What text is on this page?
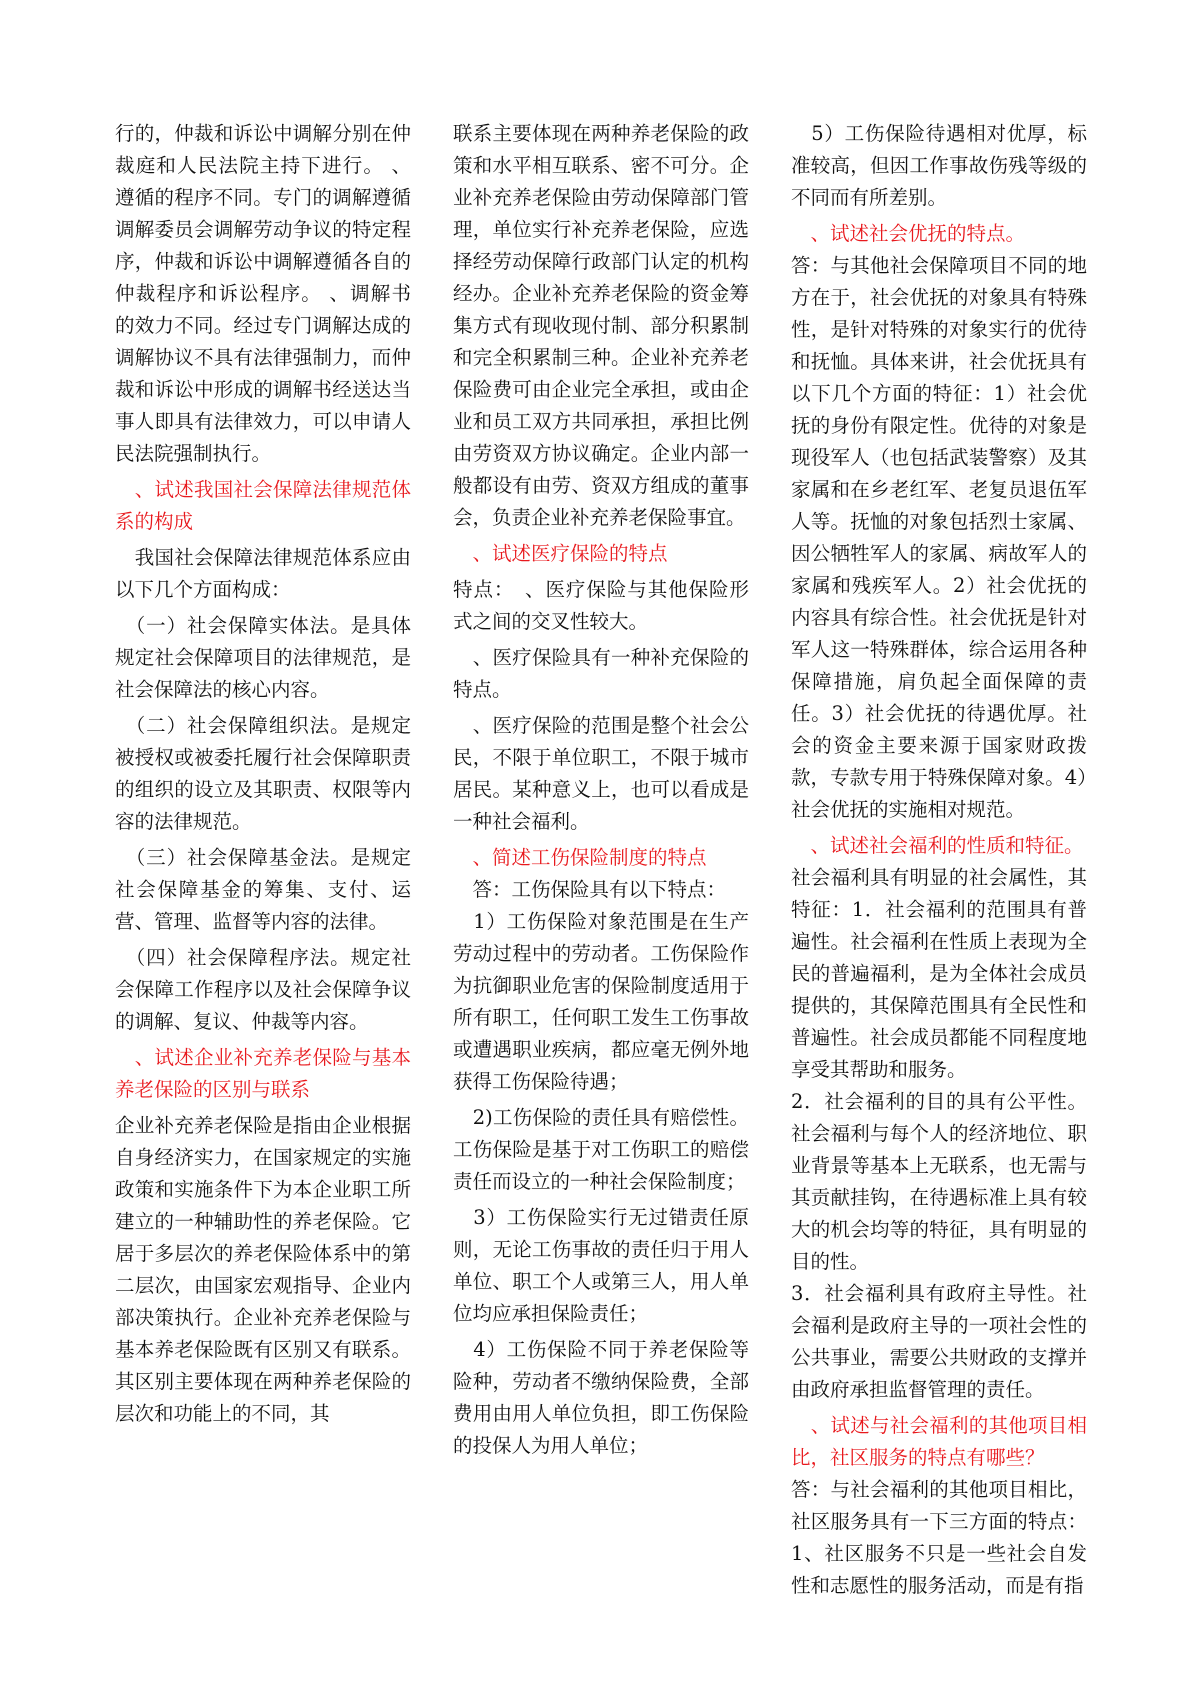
行的，仲裁和诉讼中调解分别在仲裁庭和人民法院主持下进行。 、遵循的程序不同。专门的调解遵循调解委员会调解劳动争议的特定程序，仲裁和诉讼中调解遵循各自的仲裁程序和诉讼程序。 、调解书的效力不同。经过专门调解达成的调解协议不具有法律强制力，而仲裁和诉讼中形成的调解书经送达当事人即具有法律效力，可以申请人民法院强制执行。

　、试述我国社会保障法律规范体系的构成

　我国社会保障法律规范体系应由以下几个方面构成：

　（一）社会保障实体法。是具体规定社会保障项目的法律规范，是社会保障法的核心内容。

　（二）社会保障组织法。是规定被授权或被委托履行社会保障职责的组织的设立及其职责、权限等内容的法律规范。

　（三）社会保障基金法。是规定社会保障基金的筹集、支付、运营、管理、监督等内容的法律。

　（四）社会保障程序法。规定社会保障工作程序以及社会保障争议的调解、复议、仲裁等内容。

　、试述企业补充养老保险与基本养老保险的区别与联系

企业补充养老保险是指由企业根据自身经济实力，在国家规定的实施政策和实施条件下为本企业职工所建立的一种辅助性的养老保险。它居于多层次的养老保险体系中的第二层次，由国家宏观指导、企业内部决策执行。企业补充养老保险与基本养老保险既有区别又有联系。其区别主要体现在两种养老保险的层次和功能上的不同，其

联系主要体现在两种养老保险的政策和水平相互联系、密不可分。企业补充养老保险由劳动保障部门管理，单位实行补充养老保险，应选择经劳动保障行政部门认定的机构经办。企业补充养老保险的资金筹集方式有现收现付制、部分积累制和完全积累制三种。企业补充养老保险费可由企业完全承担，或由企业和员工双方共同承担，承担比例由劳资双方协议确定。企业内部一般都设有由劳、资双方组成的董事会，负责企业补充养老保险事宜。

　、试述医疗保险的特点

特点：　、医疗保险与其他保险形式之间的交叉性较大。

　、医疗保险具有一种补充保险的特点。

　、医疗保险的范围是整个社会公民，不限于单位职工，不限于城市居民。某种意义上，也可以看成是一种社会福利。

　、简述工伤保险制度的特点

　答：工伤保险具有以下特点：

　1）工伤保险对象范围是在生产劳动过程中的劳动者。工伤保险作为抗御职业危害的保险制度适用于所有职工，任何职工发生工伤事故或遭遇职业疾病，都应毫无例外地获得工伤保险待遇；

　2)工伤保险的责任具有赔偿性。工伤保险是基于对工伤职工的赔偿责任而设立的一种社会保险制度；

　3）工伤保险实行无过错责任原则，无论工伤事故的责任归于用人单位、职工个人或第三人，用人单位均应承担保险责任；

　4）工伤保险不同于养老保险等险种，劳动者不缴纳保险费，全部费用由用人单位负担，即工伤保险的投保人为用人单位；

　5）工伤保险待遇相对优厚，标准较高，但因工作事故伤残等级的不同而有所差别。

　、试述社会优抚的特点。

答：与其他社会保障项目不同的地方在于，社会优抚的对象具有特殊性，是针对特殊的对象实行的优待和抚恤。具体来讲，社会优抚具有以下几个方面的特征：1）社会优抚的身份有限定性。优待的对象是现役军人（也包括武装警察）及其家属和在乡老红军、老复员退伍军人等。抚恤的对象包括烈士家属、因公牺牲军人的家属、病故军人的家属和残疾军人。2）社会优抚的内容具有综合性。社会优抚是针对军人这一特殊群体，综合运用各种保障措施，肩负起全面保障的责任。3）社会优抚的待遇优厚。社会的资金主要来源于国家财政拨款，专款专用于特殊保障对象。4）社会优抚的实施相对规范。

　、试述社会福利的性质和特征。

社会福利具有明显的社会属性，其特征：1．社会福利的范围具有普遍性。社会福利在性质上表现为全民的普遍福利，是为全体社会成员提供的，其保障范围具有全民性和普遍性。社会成员都能不同程度地享受其帮助和服务。

2．社会福利的目的具有公平性。社会福利与每个人的经济地位、职业背景等基本上无联系，也无需与其贡献挂钩，在待遇标准上具有较大的机会均等的特征，具有明显的目的性。

3．社会福利具有政府主导性。社会福利是政府主导的一项社会性的公共事业，需要公共财政的支撑并由政府承担监督管理的责任。

　、试述与社会福利的其他项目相比，社区服务的特点有哪些？

答：与社会福利的其他项目相比，社区服务具有一下三方面的特点：1、社区服务不只是一些社会自发性和志愿性的服务活动，而是有指
